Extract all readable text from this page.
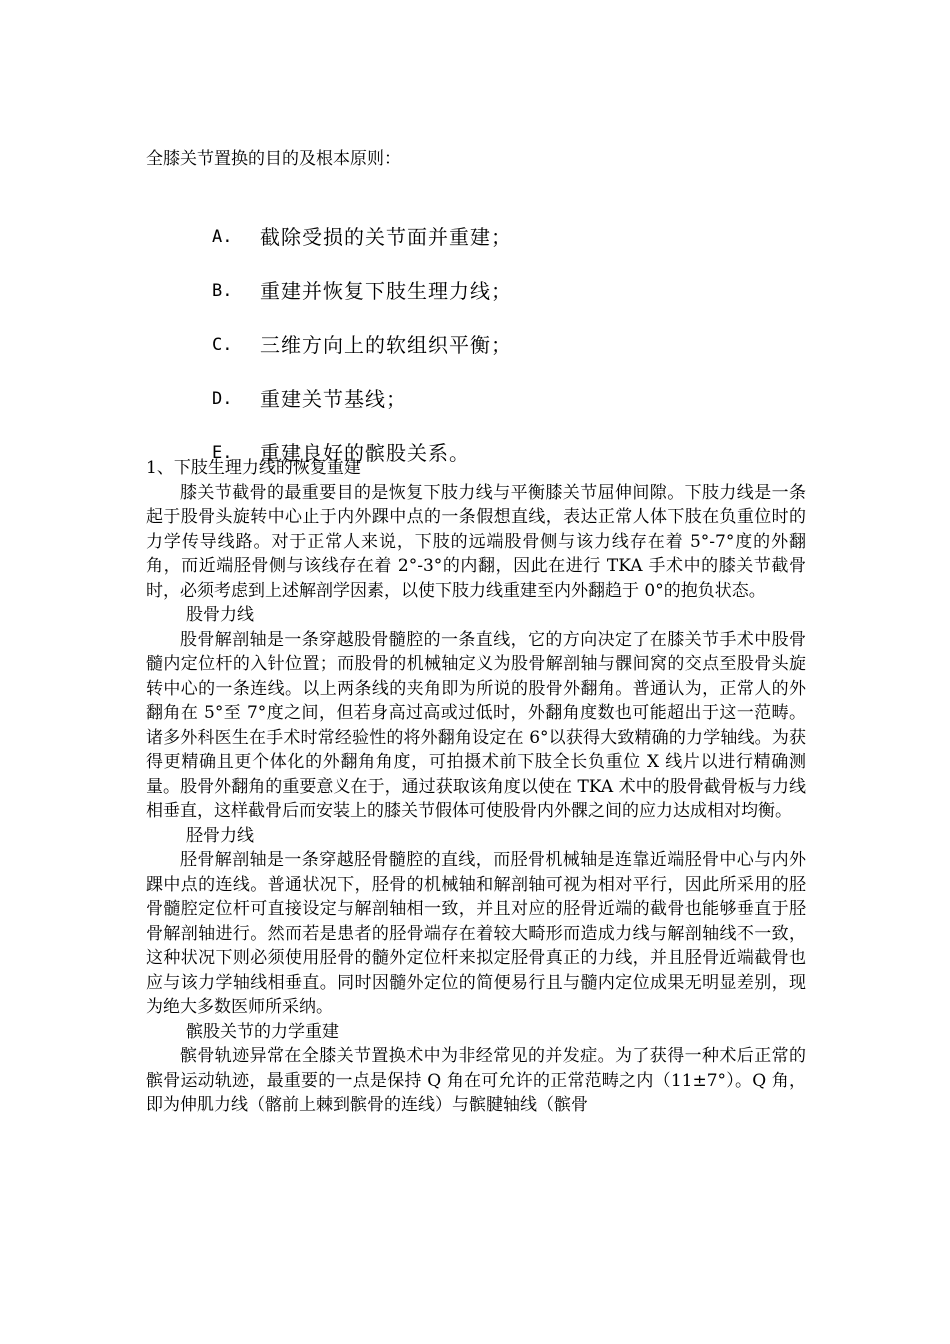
全膝关节置换的目的及根本原则：
A.	截除受损的关节面并重建；
B.	重建并恢复下肢生理力线；
C.	三维方向上的软组织平衡；
D.	重建关节基线；
E.	重建良好的髌股关系。

1、下肢生理力线的恢复重建

膝关节截骨的最重要目的是恢复下肢力线与平衡膝关节屈伸间隙。下肢力线是一条起于股骨头旋转中心止于内外踝中点的一条假想直线，表达正常人体下肢在负重位时的力学传导线路。对于正常人来说，下肢的远端股骨侧与该力线存在着 5°-7°度的外翻角，而近端胫骨侧与该线存在着 2°-3°的内翻，因此在进行 TKA 手术中的膝关节截骨时，必须考虑到上述解剖学因素，以使下肢力线重建至内外翻趋于 0°的抱负状态。

股骨力线

股骨解剖轴是一条穿越股骨髓腔的一条直线，它的方向决定了在膝关节手术中股骨髓内定位杆的入针位置；而股骨的机械轴定义为股骨解剖轴与髁间窝的交点至股骨头旋转中心的一条连线。以上两条线的夹角即为所说的股骨外翻角。普通认为，正常人的外翻角在 5°至 7°度之间，但若身高过高或过低时，外翻角度数也可能超出于这一范畴。诸多外科医生在手术时常经验性的将外翻角设定在 6°以获得大致精确的力学轴线。为获得更精确且更个体化的外翻角角度，可拍摄术前下肢全长负重位 X 线片以进行精确测量。股骨外翻角的重要意义在于，通过获取该角度以使在 TKA 术中的股骨截骨板与力线相垂直，这样截骨后而安装上的膝关节假体可使股骨内外髁之间的应力达成相对均衡。

胫骨力线

胫骨解剖轴是一条穿越胫骨髓腔的直线，而胫骨机械轴是连靠近端胫骨中心与内外踝中点的连线。普通状况下，胫骨的机械轴和解剖轴可视为相对平行，因此所采用的胫骨髓腔定位杆可直接设定与解剖轴相一致，并且对应的胫骨近端的截骨也能够垂直于胫骨解剖轴进行。然而若是患者的胫骨端存在着较大畸形而造成力线与解剖轴线不一致，这种状况下则必须使用胫骨的髓外定位杆来拟定胫骨真正的力线，并且胫骨近端截骨也应与该力学轴线相垂直。同时因髓外定位的简便易行且与髓内定位成果无明显差别，现为绝大多数医师所采纳。

髌股关节的力学重建

髌骨轨迹异常在全膝关节置换术中为非经常见的并发症。为了获得一种术后正常的髌骨运动轨迹，最重要的一点是保持 Q 角在可允许的正常范畴之内（11±7°）。Q 角，即为伸肌力线（髂前上棘到髌骨的连线）与髌腱轴线（髌骨
